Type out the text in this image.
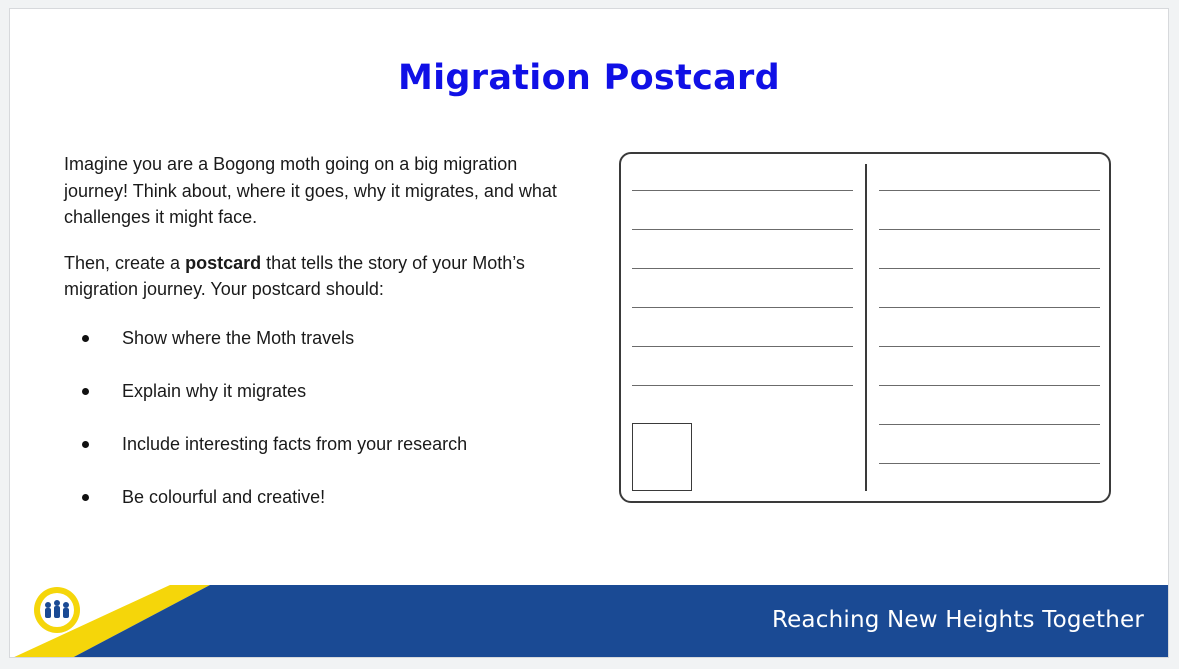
Migration Postcard

Imagine you are a Bogong moth going on a big migration journey! Think about, where it goes, why it migrates, and what challenges it might face.

Then, create a postcard that tells the story of your Moth’s migration journey. Your postcard should:

Show where the Moth travels
Explain why it migrates
Include interesting facts from your research
Be colourful and creative!
Reaching New Heights Together
